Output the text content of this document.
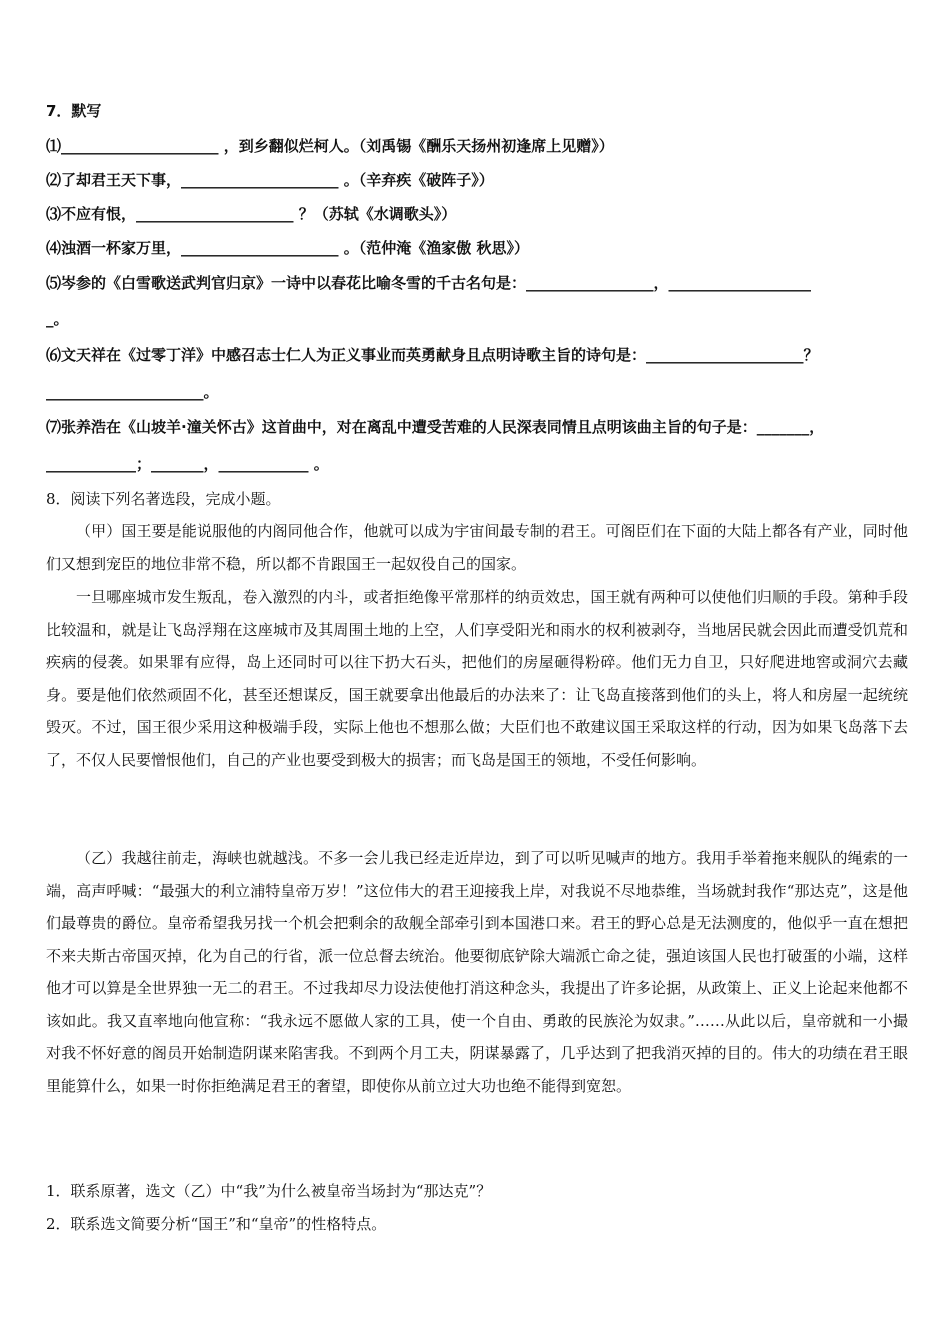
7．默写
⑴_____________________ ，到乡翻似烂柯人。（刘禹锡《酬乐天扬州初逢席上见赠》）
⑵了却君王天下事，_____________________ 。（辛弃疾《破阵子》）
⑶不应有恨，_____________________ ？（苏轼《水调歌头》）
⑷浊酒一杯家万里，_____________________ 。（范仲淹《渔家傲 秋思》）
⑸岑参的《白雪歌送武判官归京》一诗中以春花比喻冬雪的千古名句是：_________________，___________________
_。
⑹文天祥在《过零丁洋》中感召志士仁人为正义事业而英勇献身且点明诗歌主旨的诗句是：_____________________？
_____________________。
⑺张养浩在《山坡羊·潼关怀古》这首曲中，对在离乱中遭受苦难的人民深表同情且点明该曲主旨的句子是：_______，
____________；_______，____________ 。
8．阅读下列名著选段，完成小题。
（甲）国王要是能说服他的内阁同他合作，他就可以成为宇宙间最专制的君王。可阁臣们在下面的大陆上都各有产业，同时他们又想到宠臣的地位非常不稳，所以都不肯跟国王一起奴役自己的国家。
一旦哪座城市发生叛乱，卷入激烈的内斗，或者拒绝像平常那样的纳贡效忠，国王就有两种可以使他们归顺的手段。第种手段比较温和，就是让飞岛浮翔在这座城市及其周围土地的上空，人们享受阳光和雨水的权利被剥夺，当地居民就会因此而遭受饥荒和疾病的侵袭。如果罪有应得，岛上还同时可以往下扔大石头，把他们的房屋砸得粉碎。他们无力自卫，只好爬进地窖或洞穴去藏身。要是他们依然顽固不化，甚至还想谋反，国王就要拿出他最后的办法来了：让飞岛直接落到他们的头上，将人和房屋一起统统毁灭。不过，国王很少采用这种极端手段，实际上他也不想那么做；大臣们也不敢建议国王采取这样的行动，因为如果飞岛落下去了，不仅人民要憎恨他们，自己的产业也要受到极大的损害；而飞岛是国王的领地，不受任何影响。
（乙）我越往前走，海峡也就越浅。不多一会儿我已经走近岸边，到了可以听见喊声的地方。我用手举着拖来舰队的绳索的一端，高声呼喊：“最强大的利立浦特皇帝万岁！”这位伟大的君王迎接我上岸，对我说不尽地恭维，当场就封我作“那达克”，这是他们最尊贵的爵位。皇帝希望我另找一个机会把剩余的敌舰全部牵引到本国港口来。君王的野心总是无法测度的，他似乎一直在想把不来夫斯古帝国灭掉，化为自己的行省，派一位总督去统治。他要彻底铲除大端派亡命之徒，强迫该国人民也打破蛋的小端，这样他才可以算是全世界独一无二的君王。不过我却尽力设法使他打消这种念头，我提出了许多论据，从政策上、正义上论起来他都不该如此。我又直率地向他宣称：“我永远不愿做人家的工具，使一个自由、勇敢的民族沦为奴隶。”……从此以后，皇帝就和一小撮对我不怀好意的阁员开始制造阴谋来陷害我。不到两个月工夫，阴谋暴露了，几乎达到了把我消灭掉的目的。伟大的功绩在君王眼里能算什么，如果一时你拒绝满足君王的奢望，即使你从前立过大功也绝不能得到宽恕。
1．联系原著，选文（乙）中“我”为什么被皇帝当场封为“那达克”？
2．联系选文简要分析“国王”和“皇帝”的性格特点。
